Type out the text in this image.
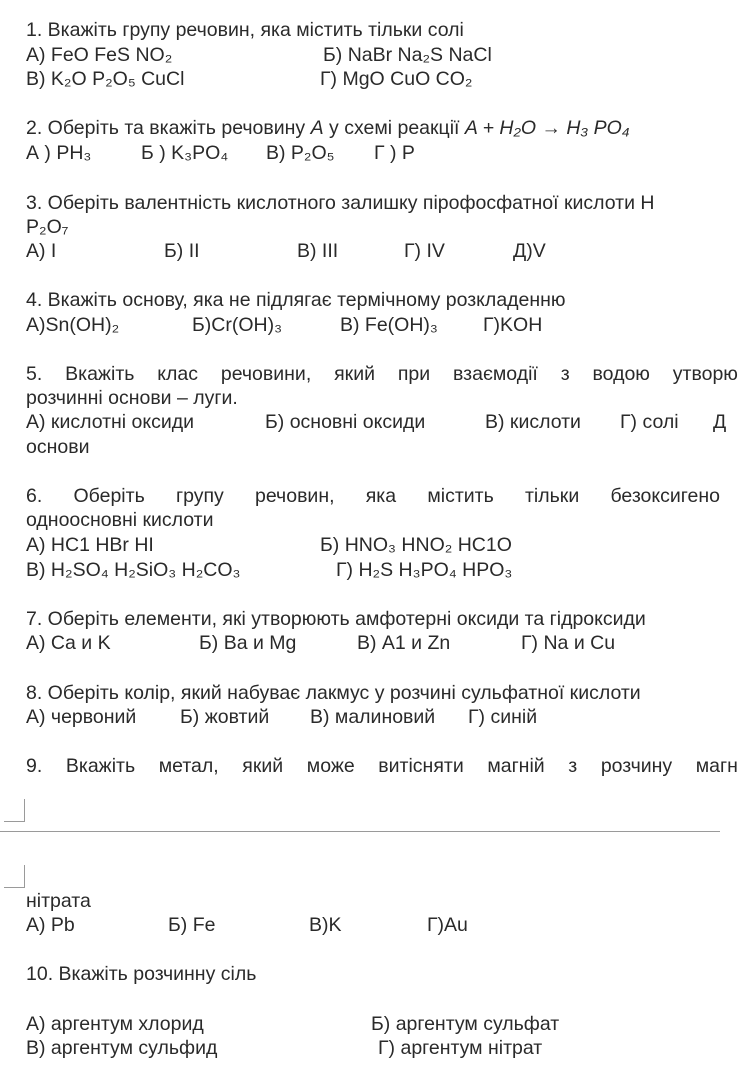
1. Вкажіть групу речовин, яка містить тільки солі
А) FeO FeS NO₂	Б) NaBr Na₂S NaCl
В) K₂O P₂O₅ CuCl	Г) MgO CuO CO₂
2. Оберіть та вкажіть речовину A у схемі реакції A + H₂O → H₃ PO₄
А ) PH₃	Б ) K₃PO₄ В) P₂O₅ Г ) P
3. Оберіть валентність кислотного залишку пірофосфатної кислоти Н
P₂O₇
А) І	Б) ІІ	В) ІІІ	Г) ІV	Д)V
4. Вкажіть основу, яка не підлягає термічному розкладенню
А)Sn(OH)₂	Б)Cr(OH)₃	В) Fe(OH)₃ Г)KOH
5. Вкажіть клас речовини, який при взаємодії з водою утворю
розчинні основи – луги.
А) кислотні оксиди	Б) основні оксиди	В) кислоти Г) солі Д
основи
6. Оберіть групу речовин, яка містить тільки безоксигено
одноосновні кислоти
А) HC1 HBr HI	Б) HNO₃ HNO₂ HC1O
В) H₂SO₄ H₂SiO₃ H₂CO₃	Г) H₂S H₃PO₄ HPO₃
7. Оберіть елементи, які утворюють амфотерні оксиди та гідроксиди
А) Ca и K	Б) Ba и Mg	В) A1 и Zn	Г) Na и Cu
8. Оберіть колір, який набуває лакмус у розчині сульфатної кислоти
А) червоний Б) жовтий В) малиновий Г) синій
9. Вкажіть метал, який може витісняти магній з розчину магн
нітрата
А) Pb	Б) Fe	В)K	Г)Au
10. Вкажіть розчинну сіль
А) аргентум хлорид	Б) аргентум сульфат
В) аргентум сульфид	Г) аргентум нітрат
